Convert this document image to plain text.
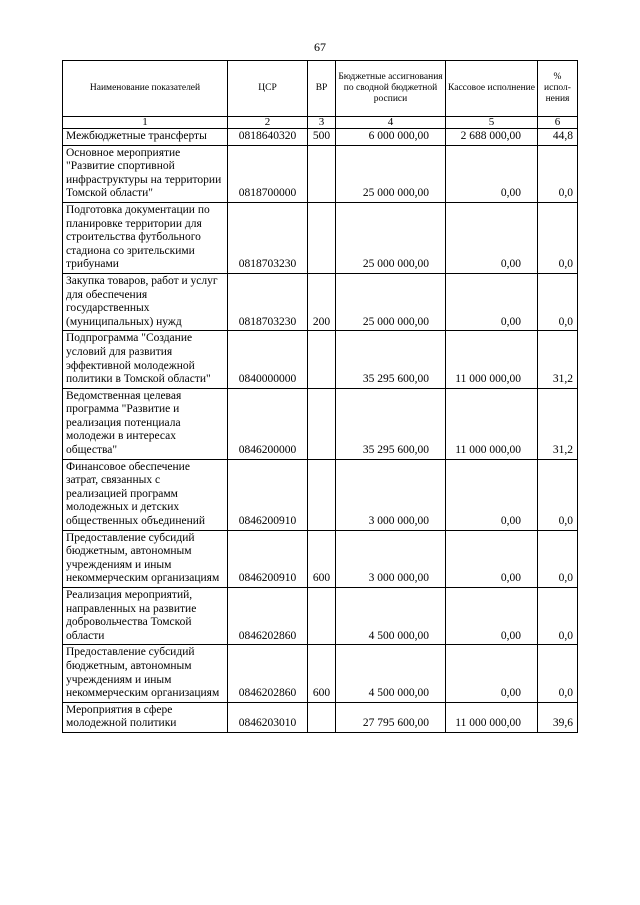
67
Наименование показателей	ЦСР	ВР	Бюджетные ассигнования по сводной бюджетной росписи	Кассовое исполнение	% испол-нения
1	2	3	4	5	6
Межбюджетные трансферты	0818640320	500	6 000 000,00	2 688 000,00	44,8
Основное мероприятие "Развитие спортивной инфраструктуры на территории Томской области"	0818700000		25 000 000,00	0,00	0,0
Подготовка документации по планировке территории для строительства футбольного стадиона со зрительскими трибунами	0818703230		25 000 000,00	0,00	0,0
Закупка товаров, работ и услуг для обеспечения государственных (муниципальных) нужд	0818703230	200	25 000 000,00	0,00	0,0
Подпрограмма "Создание условий для развития эффективной молодежной политики в Томской области"	0840000000		35 295 600,00	11 000 000,00	31,2
Ведомственная целевая программа "Развитие и реализация потенциала молодежи в интересах общества"	0846200000		35 295 600,00	11 000 000,00	31,2
Финансовое обеспечение затрат, связанных с реализацией программ молодежных и детских общественных объединений	0846200910		3 000 000,00	0,00	0,0
Предоставление субсидий бюджетным, автономным учреждениям и иным некоммерческим организациям	0846200910	600	3 000 000,00	0,00	0,0
Реализация мероприятий, направленных на развитие добровольчества Томской области	0846202860		4 500 000,00	0,00	0,0
Предоставление субсидий бюджетным, автономным учреждениям и иным некоммерческим организациям	0846202860	600	4 500 000,00	0,00	0,0
Мероприятия в сфере молодежной политики	0846203010		27 795 600,00	11 000 000,00	39,6
